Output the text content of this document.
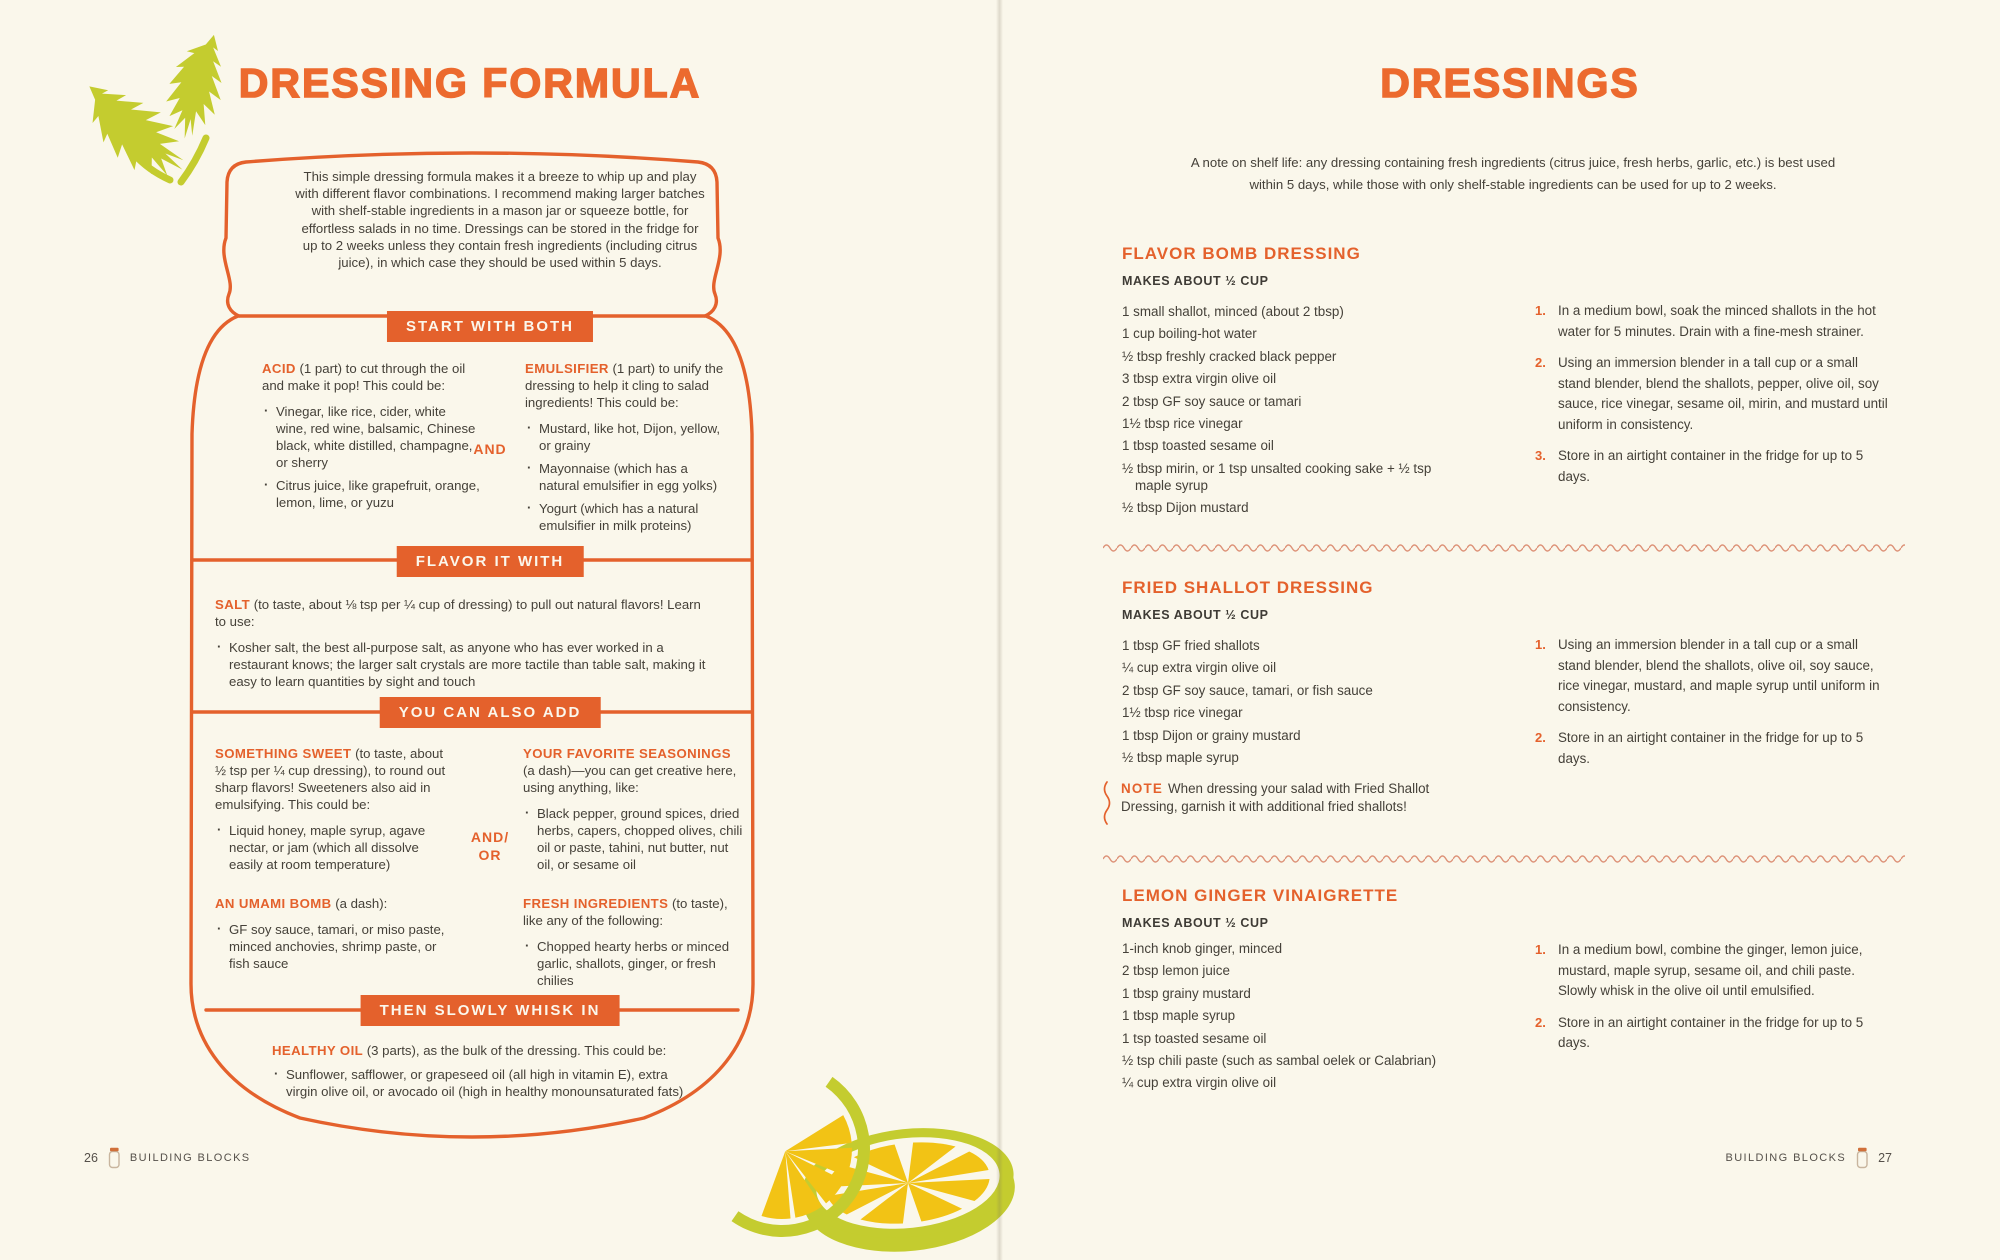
DRESSING FORMULA
This simple dressing formula makes it a breeze to whip up and play with different flavor combinations. I recommend making larger batches with shelf-stable ingredients in a mason jar or squeeze bottle, for effortless salads in no time. Dressings can be stored in the fridge for up to 2 weeks unless they contain fresh ingredients (including citrus juice), in which case they should be used within 5 days.
START WITH BOTH

ACID (1 part) to cut through the oil and make it pop! This could be:

· Vinegar, like rice, cider, white wine, red wine, balsamic, Chinese black, white distilled, champagne, or sherry
· Citrus juice, like grapefruit, orange, lemon, lime, or yuzu
AND

EMULSIFIER (1 part) to unify the dressing to help it cling to salad ingredients! This could be:

· Mustard, like hot, Dijon, yellow, or grainy
· Mayonnaise (which has a natural emulsifier in egg yolks)
· Yogurt (which has a natural emulsifier in milk proteins)
FLAVOR IT WITH

SALT (to taste, about ⅛ tsp per ¼ cup of dressing) to pull out natural flavors! Learn to use:

· Kosher salt, the best all-purpose salt, as anyone who has ever worked in a restaurant knows; the larger salt crystals are more tactile than table salt, making it easy to learn quantities by sight and touch
YOU CAN ALSO ADD

SOMETHING SWEET (to taste, about ½ tsp per ¼ cup dressing), to round out sharp flavors! Sweeteners also aid in emulsifying. This could be:

· Liquid honey, maple syrup, agave nectar, or jam (which all dissolve easily at room temperature)
AND/
OR

AN UMAMI BOMB (a dash):

· GF soy sauce, tamari, or miso paste, minced anchovies, shrimp paste, or fish sauce

YOUR FAVORITE SEASONINGS (a dash)—you can get creative here, using anything, like:

· Black pepper, ground spices, dried herbs, capers, chopped olives, chili oil or paste, tahini, nut butter, nut oil, or sesame oil

FRESH INGREDIENTS (to taste), like any of the following:

· Chopped hearty herbs or minced garlic, shallots, ginger, or fresh chilies
THEN SLOWLY WHISK IN

HEALTHY OIL (3 parts), as the bulk of the dressing. This could be:

· Sunflower, safflower, or grapeseed oil (all high in vitamin E), extra virgin olive oil, or avocado oil (high in healthy monounsaturated fats)
26	BUILDING BLOCKS
DRESSINGS
A note on shelf life: any dressing containing fresh ingredients (citrus juice, fresh herbs, garlic, etc.) is best used within 5 days, while those with only shelf-stable ingredients can be used for up to 2 weeks.
FLAVOR BOMB DRESSING
MAKES ABOUT ½ CUP
1 small shallot, minced (about 2 tbsp)
1 cup boiling-hot water
½ tbsp freshly cracked black pepper
3 tbsp extra virgin olive oil
2 tbsp GF soy sauce or tamari
1½ tbsp rice vinegar
1 tbsp toasted sesame oil
½ tbsp mirin, or 1 tsp unsalted cooking sake + ½ tsp maple syrup
½ tbsp Dijon mustard
1. In a medium bowl, soak the minced shallots in the hot water for 5 minutes. Drain with a fine-mesh strainer.
2. Using an immersion blender in a tall cup or a small stand blender, blend the shallots, pepper, olive oil, soy sauce, rice vinegar, sesame oil, mirin, and mustard until uniform in consistency.
3. Store in an airtight container in the fridge for up to 5 days.
FRIED SHALLOT DRESSING
MAKES ABOUT ½ CUP
1 tbsp GF fried shallots
¼ cup extra virgin olive oil
2 tbsp GF soy sauce, tamari, or fish sauce
1½ tbsp rice vinegar
1 tbsp Dijon or grainy mustard
½ tbsp maple syrup
1. Using an immersion blender in a tall cup or a small stand blender, blend the shallots, olive oil, soy sauce, rice vinegar, mustard, and maple syrup until uniform in consistency.
2. Store in an airtight container in the fridge for up to 5 days.
NOTE When dressing your salad with Fried Shallot Dressing, garnish it with additional fried shallots!
LEMON GINGER VINAIGRETTE
MAKES ABOUT ½ CUP
1-inch knob ginger, minced
2 tbsp lemon juice
1 tbsp grainy mustard
1 tbsp maple syrup
1 tsp toasted sesame oil
½ tsp chili paste (such as sambal oelek or Calabrian)
¼ cup extra virgin olive oil
1. In a medium bowl, combine the ginger, lemon juice, mustard, maple syrup, sesame oil, and chili paste. Slowly whisk in the olive oil until emulsified.
2. Store in an airtight container in the fridge for up to 5 days.
BUILDING BLOCKS	27
